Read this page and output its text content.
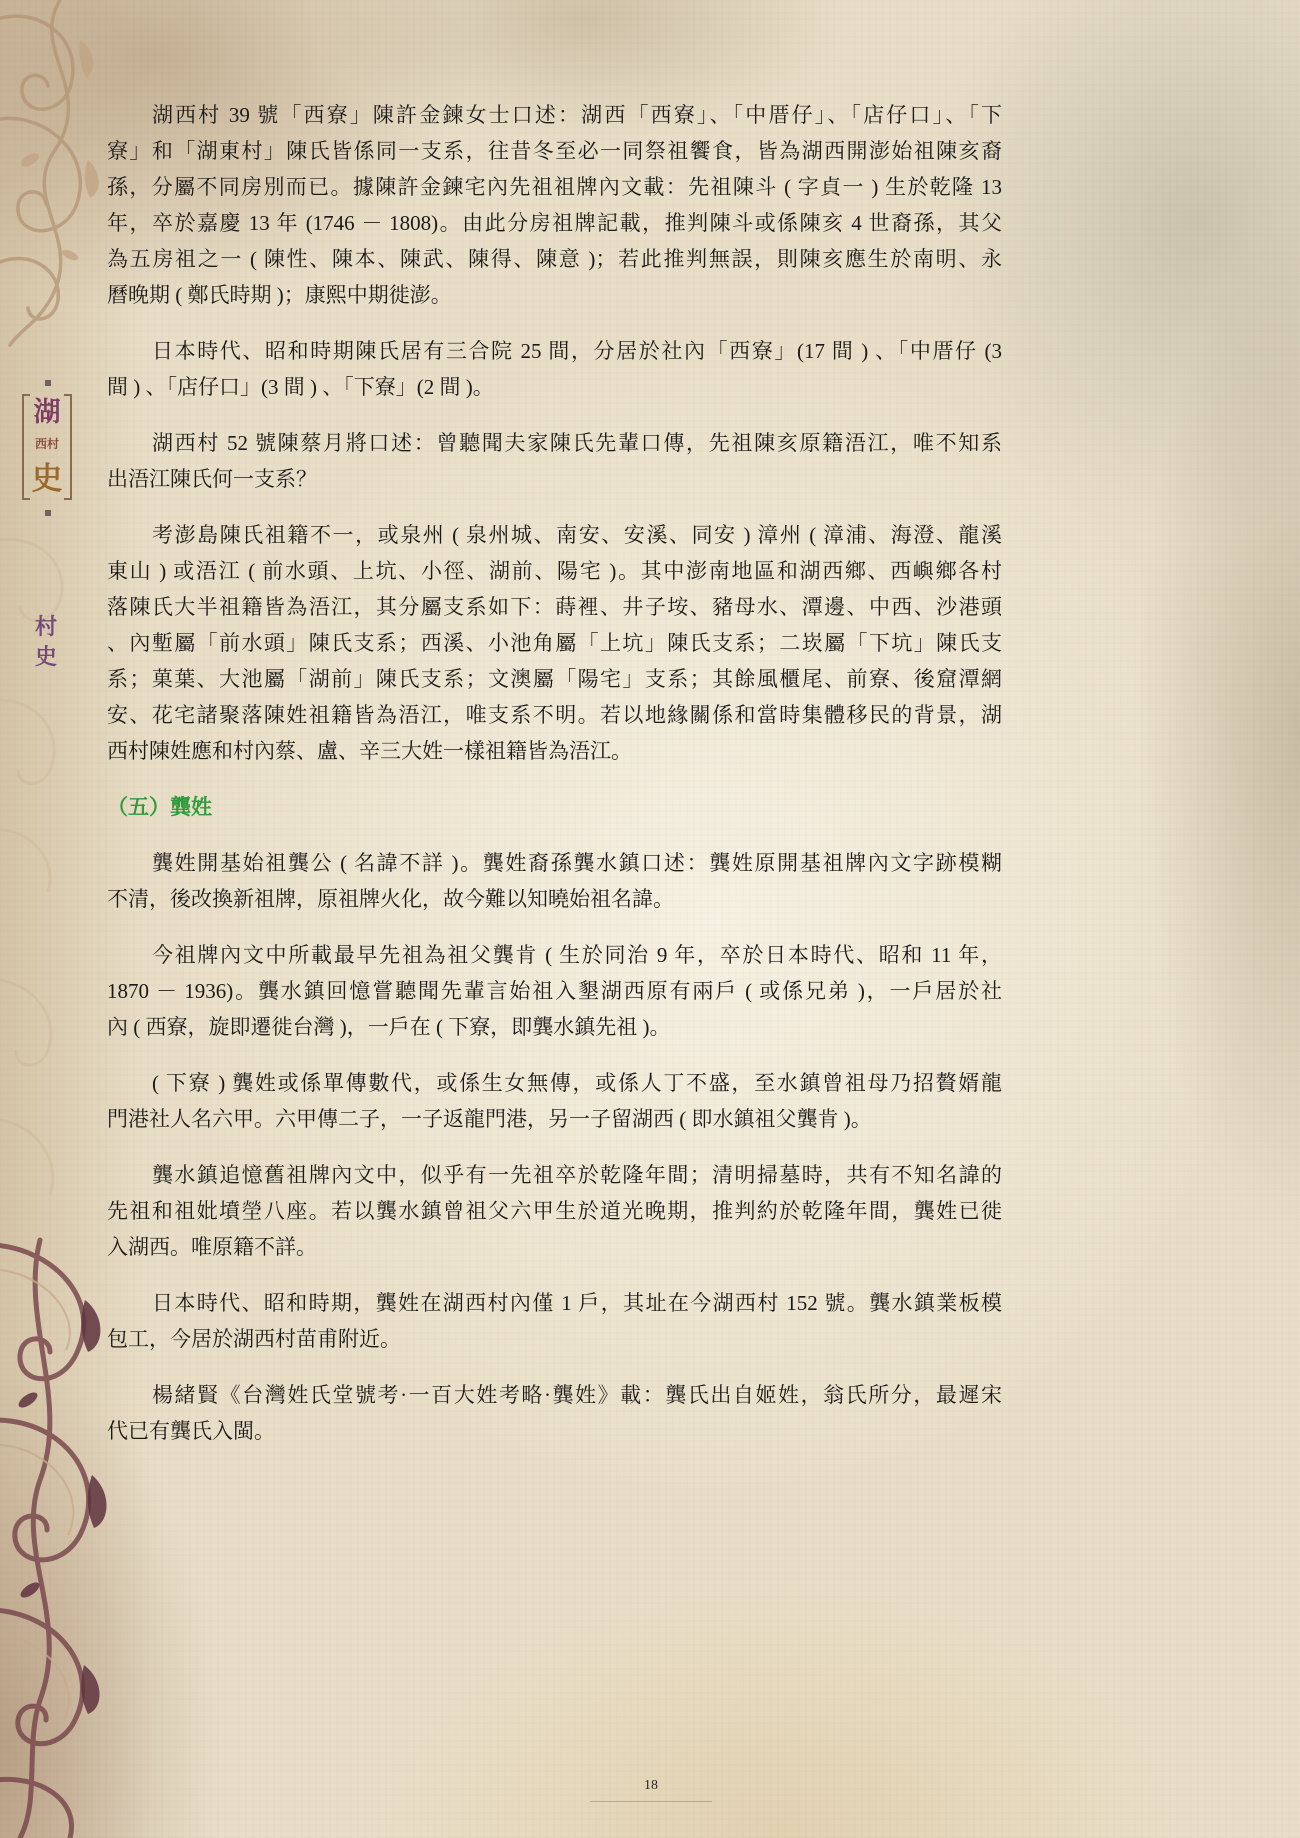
湖
西村
史
村
史
湖西村 39 號「西寮」陳許金鍊女士口述：湖西「西寮」、「中厝仔」、「店仔口」、「下
寮」和「湖東村」陳氏皆係同一支系，往昔冬至必一同祭祖饗食，皆為湖西開澎始祖陳亥裔
孫，分屬不同房別而已。據陳許金鍊宅內先祖祖牌內文載：先祖陳斗 ( 字貞一 ) 生於乾隆 13
年，卒於嘉慶 13 年 (1746 － 1808)。由此分房祖牌記載，推判陳斗或係陳亥 4 世裔孫，其父
為五房祖之一 ( 陳性、陳本、陳武、陳得、陳意 )；若此推判無誤，則陳亥應生於南明、永
曆晚期 ( 鄭氏時期 )；康熙中期徙澎。
日本時代、昭和時期陳氏居有三合院 25 間，分居於社內「西寮」(17 間 ) 、「中厝仔 (3
間 ) 、「店仔口」(3 間 ) 、「下寮」(2 間 )。
湖西村 52 號陳蔡月將口述：曾聽聞夫家陳氏先輩口傳，先祖陳亥原籍浯江，唯不知系
出浯江陳氏何一支系？
考澎島陳氏祖籍不一，或泉州 ( 泉州城、南安、安溪、同安 ) 漳州 ( 漳浦、海澄、龍溪
東山 ) 或浯江 ( 前水頭、上坑、小徑、湖前、陽宅 )。其中澎南地區和湖西鄉、西嶼鄉各村
落陳氏大半祖籍皆為浯江，其分屬支系如下：蒔裡、井子垵、豬母水、潭邊、中西、沙港頭
、內塹屬「前水頭」陳氏支系；西溪、小池角屬「上坑」陳氏支系；二崁屬「下坑」陳氏支
系；菓葉、大池屬「湖前」陳氏支系；文澳屬「陽宅」支系；其餘風櫃尾、前寮、後窟潭網
安、花宅諸聚落陳姓祖籍皆為浯江，唯支系不明。若以地緣關係和當時集體移民的背景，湖
西村陳姓應和村內蔡、盧、辛三大姓一樣祖籍皆為浯江。
（五）龔姓
龔姓開基始祖龔公 ( 名諱不詳 )。龔姓裔孫龔水鎮口述：龔姓原開基祖牌內文字跡模糊
不清，後改換新祖牌，原祖牌火化，故今難以知曉始祖名諱。
今祖牌內文中所載最早先祖為祖父龔肯 ( 生於同治 9 年，卒於日本時代、昭和 11 年，
1870 － 1936)。龔水鎮回憶嘗聽聞先輩言始祖入墾湖西原有兩戶 ( 或係兄弟 )，一戶居於社
內 ( 西寮，旋即遷徙台灣 )，一戶在 ( 下寮，即龔水鎮先祖 )。
( 下寮 ) 龔姓或係單傳數代，或係生女無傳，或係人丁不盛，至水鎮曾祖母乃招贅婿龍
門港社人名六甲。六甲傳二子，一子返龍門港，另一子留湖西 ( 即水鎮祖父龔肯 )。
龔水鎮追憶舊祖牌內文中，似乎有一先祖卒於乾隆年間；清明掃墓時，共有不知名諱的
先祖和祖妣墳塋八座。若以龔水鎮曾祖父六甲生於道光晚期，推判約於乾隆年間，龔姓已徙
入湖西。唯原籍不詳。
日本時代、昭和時期，龔姓在湖西村內僅 1 戶，其址在今湖西村 152 號。龔水鎮業板模
包工，今居於湖西村苗甫附近。
楊緒賢《台灣姓氏堂號考·一百大姓考略·龔姓》載：龔氏出自姬姓，翁氏所分，最遲宋
代已有龔氏入閩。
18
